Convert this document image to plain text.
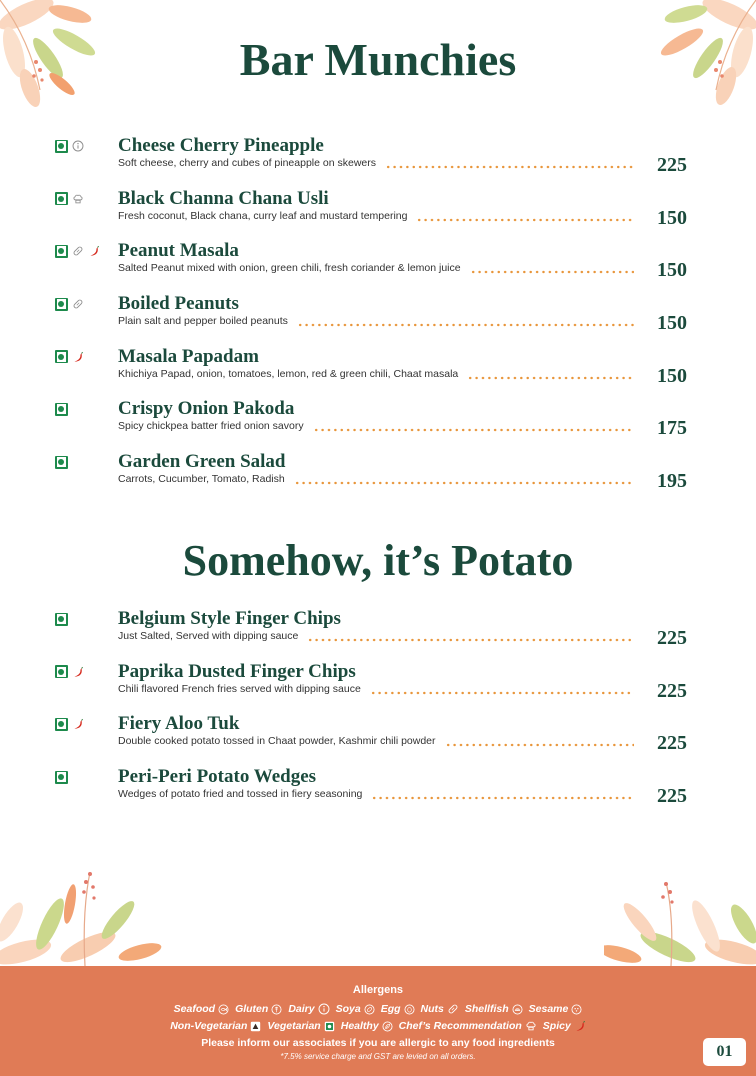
Bar Munchies
Cheese Cherry Pineapple
Soft cheese, cherry and cubes of pineapple on skewers	225
Black Channa Chana Usli
Fresh coconut, Black chana, curry leaf and mustard tempering	150
Peanut Masala
Salted Peanut mixed with onion, green chili, fresh coriander & lemon juice	150
Boiled Peanuts
Plain salt and pepper boiled peanuts	150
Masala Papadam
Khichiya Papad, onion, tomatoes, lemon, red & green chili, Chaat masala	150
Crispy Onion Pakoda
Spicy chickpea batter fried onion savory	175
Garden Green Salad
Carrots, Cucumber, Tomato, Radish	195
Somehow, it’s Potato
Belgium Style Finger Chips
Just Salted, Served with dipping sauce	225
Paprika Dusted Finger Chips
Chili flavored French fries served with dipping sauce	225
Fiery Aloo Tuk
Double cooked potato tossed in Chaat powder, Kashmir chili powder	225
Peri-Peri Potato Wedges
Wedges of potato fried and tossed in fiery seasoning	225
Allergens
Seafood Gluten Dairy Soya Egg Nuts Shellfish Sesame
Non-Vegetarian Vegetarian Healthy Chef’s Recommendation Spicy
Please inform our associates if you are allergic to any food ingredients
*7.5% service charge and GST are levied on all orders.	01
